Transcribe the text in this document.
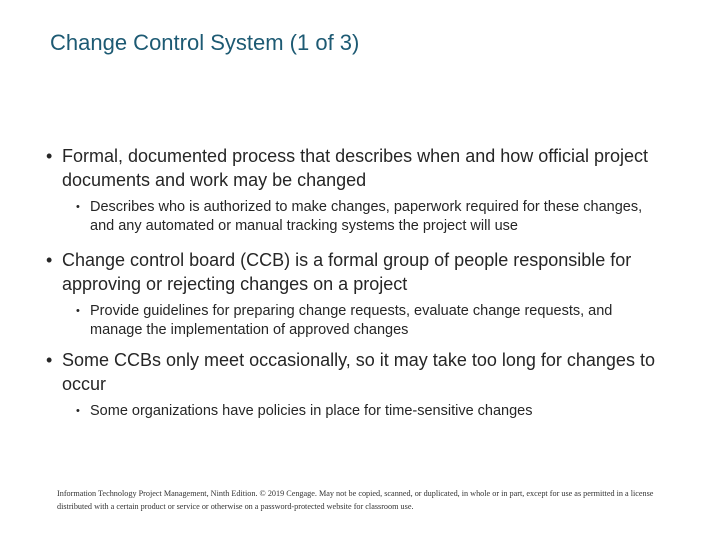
Change Control System (1 of 3)

• Formal, documented process that describes when and how official project documents and work may be changed

• Describes who is authorized to make changes, paperwork required for these changes, and any automated or manual tracking systems the project will use

• Change control board (CCB) is a formal group of people responsible for approving or rejecting changes on a project

• Provide guidelines for preparing change requests, evaluate change requests, and manage the implementation of approved changes

• Some CCBs only meet occasionally, so it may take too long for changes to occur

• Some organizations have policies in place for time-sensitive changes
Information Technology Project Management, Ninth Edition. © 2019 Cengage. May not be copied, scanned, or duplicated, in whole or in part, except for use as permitted in a license distributed with a certain product or service or otherwise on a password-protected website for classroom use.
